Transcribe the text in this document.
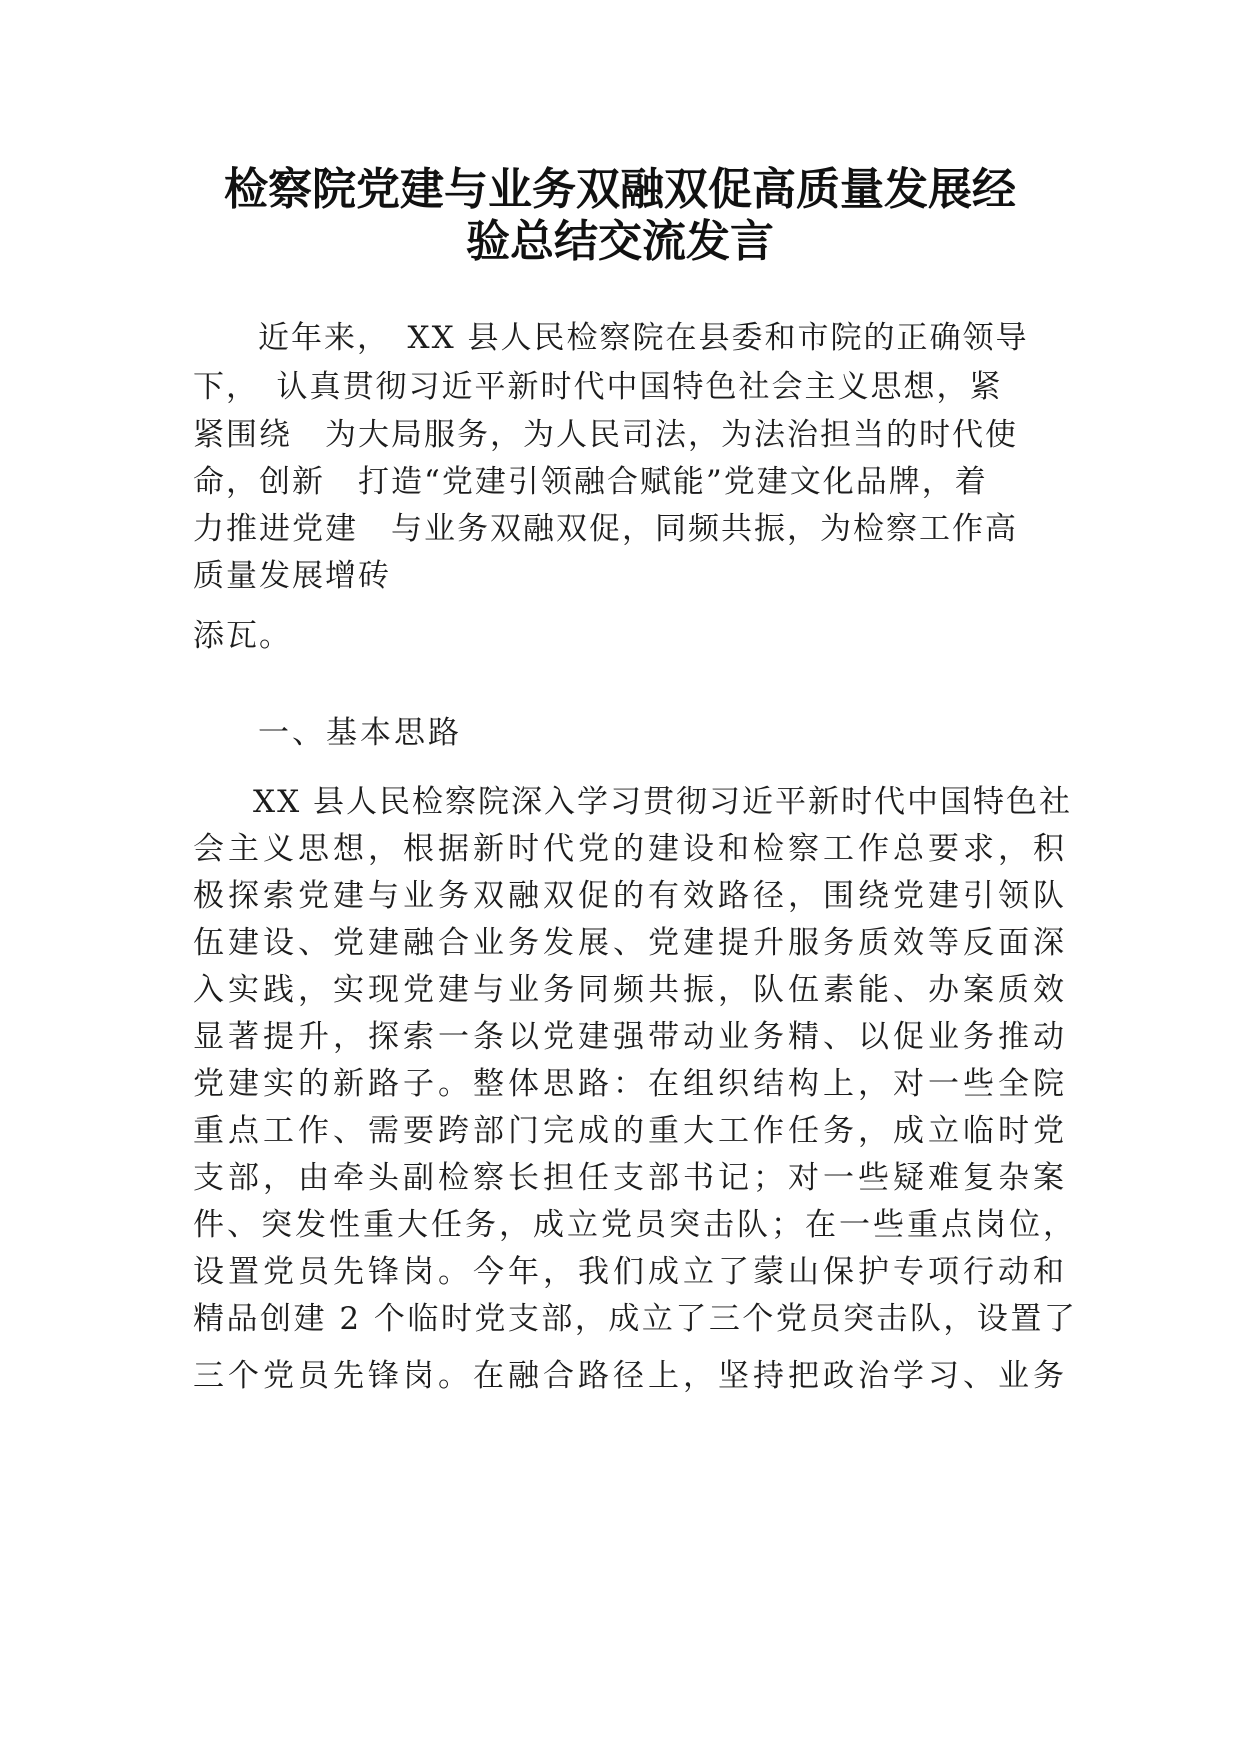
检察院党建与业务双融双促高质量发展经
验总结交流发言
近年来，　XX 县人民检察院在县委和市院的正确领导
下，　认真贯彻习近平新时代中国特色社会主义思想，紧
紧围绕　为大局服务，为人民司法，为法治担当的时代使
命，创新　打造“党建引领融合赋能”党建文化品牌，着
力推进党建　与业务双融双促，同频共振，为检察工作高
质量发展增砖
添瓦。
一、基本思路
XX 县人民检察院深入学习贯彻习近平新时代中国特色社
会主义思想，根据新时代党的建设和检察工作总要求，积
极探索党建与业务双融双促的有效路径，围绕党建引领队
伍建设、党建融合业务发展、党建提升服务质效等反面深
入实践，实现党建与业务同频共振，队伍素能、办案质效
显著提升，探索一条以党建强带动业务精、以促业务推动
党建实的新路子。整体思路：在组织结构上，对一些全院
重点工作、需要跨部门完成的重大工作任务，成立临时党
支部，由牵头副检察长担任支部书记；对一些疑难复杂案
件、突发性重大任务，成立党员突击队；在一些重点岗位，
设置党员先锋岗。今年，我们成立了蒙山保护专项行动和
精品创建 2 个临时党支部，成立了三个党员突击队，设置了
三个党员先锋岗。在融合路径上，坚持把政治学习、业务
